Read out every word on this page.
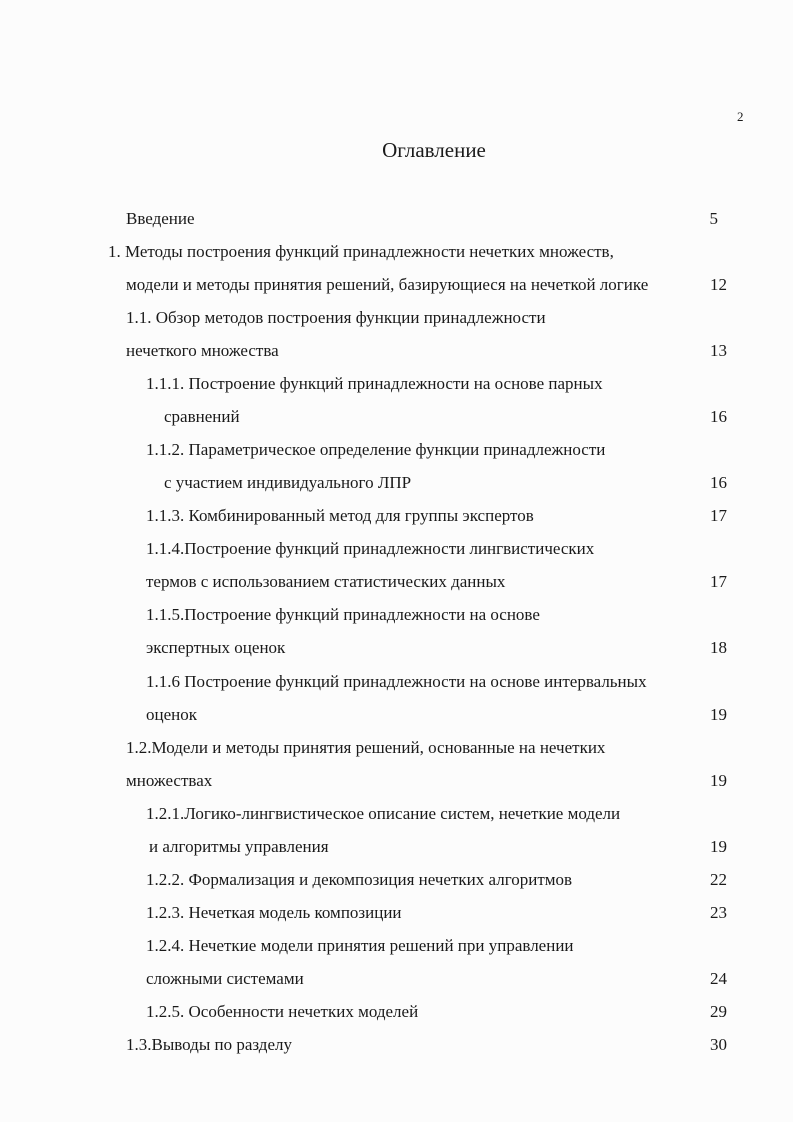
2
Оглавление
Введение
1. Методы построения функций принадлежности нечетких множеств,
модели и методы принятия решений, базирующиеся на нечеткой логике
1.1. Обзор методов построения функции принадлежности
нечеткого множества
1.1.1. Построение функций принадлежности на основе парных
сравнений
1.1.2. Параметрическое определение функции принадлежности
с участием индивидуального ЛПР
1.1.3. Комбинированный метод для группы экспертов
1.1.4.Построение функций принадлежности лингвистических
термов с использованием статистических данных
1.1.5.Построение функций принадлежности на основе
экспертных оценок
1.1.6 Построение функций принадлежности на основе интервальных
оценок
1.2.Модели и методы принятия решений, основанные на нечетких
множествах
1.2.1.Логико-лингвистическое описание систем, нечеткие модели
и алгоритмы управления
1.2.2. Формализация и декомпозиция нечетких алгоритмов
1.2.3. Нечеткая модель композиции
1.2.4. Нечеткие модели принятия решений при управлении
сложными системами
1.2.5. Особенности нечетких моделей
1.3.Выводы по разделу
5
12
13
16
16
17
17
18
19
19
19
22
23
24
29
30
